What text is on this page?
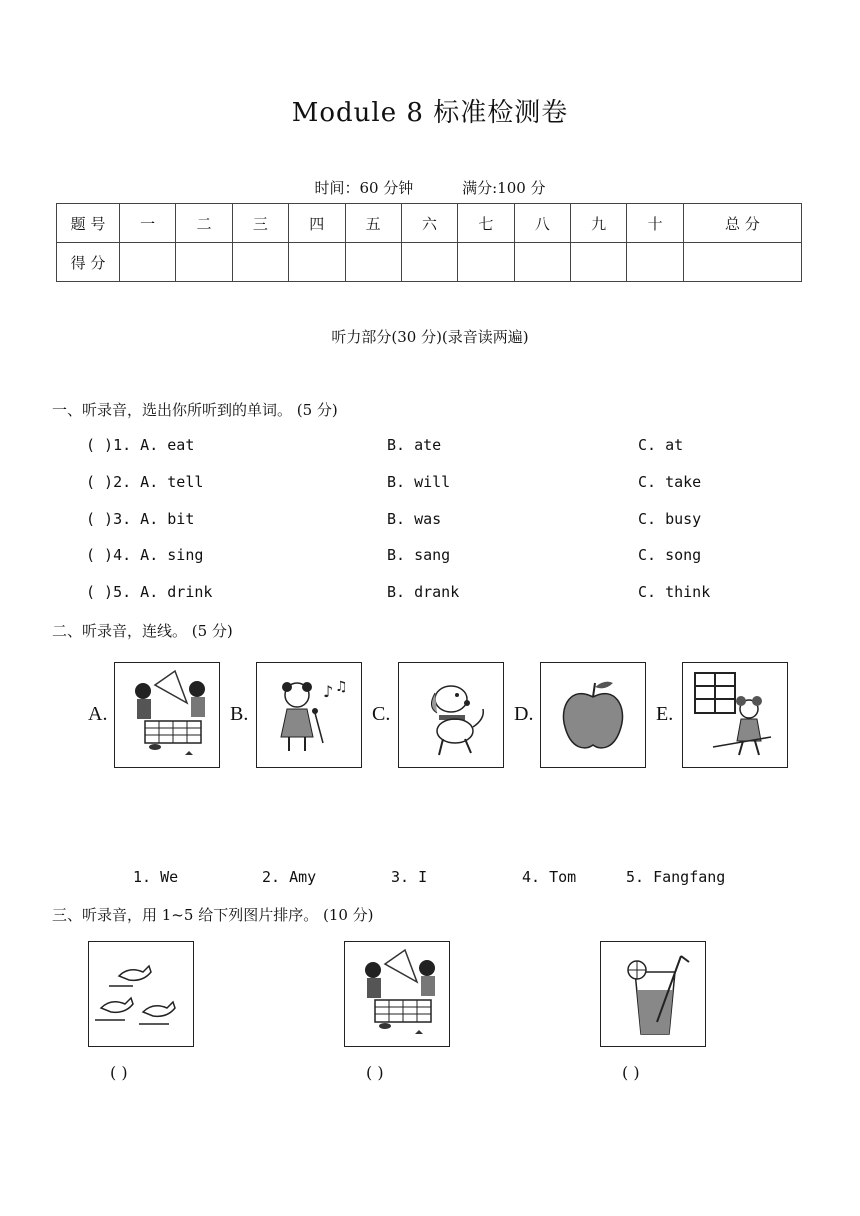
Module 8 标准检测卷
时间：60 分钟	满分:100 分
题 号	一	二	三	四	五	六	七	八	九	十	总 分
得 分											
听力部分(30 分)(录音读两遍)
一、听录音，选出你所听到的单词。 (5 分)
( )1. A. eat	B. ate	C. at
( )2. A. tell	B. will	C. take
( )3. A. bit	B. was	C. busy
( )4. A. sing	B. sang	C. song
( )5. A. drink	B. drank	C. think
二、听录音，连线。 (5 分)
A.	B.
♪ ♫
C.	D.	E.
1. We	2. Amy	3. I	4. Tom	5. Fangfang
三、听录音，用 1~5 给下列图片排序。 (10 分)
( )	( )	( )
